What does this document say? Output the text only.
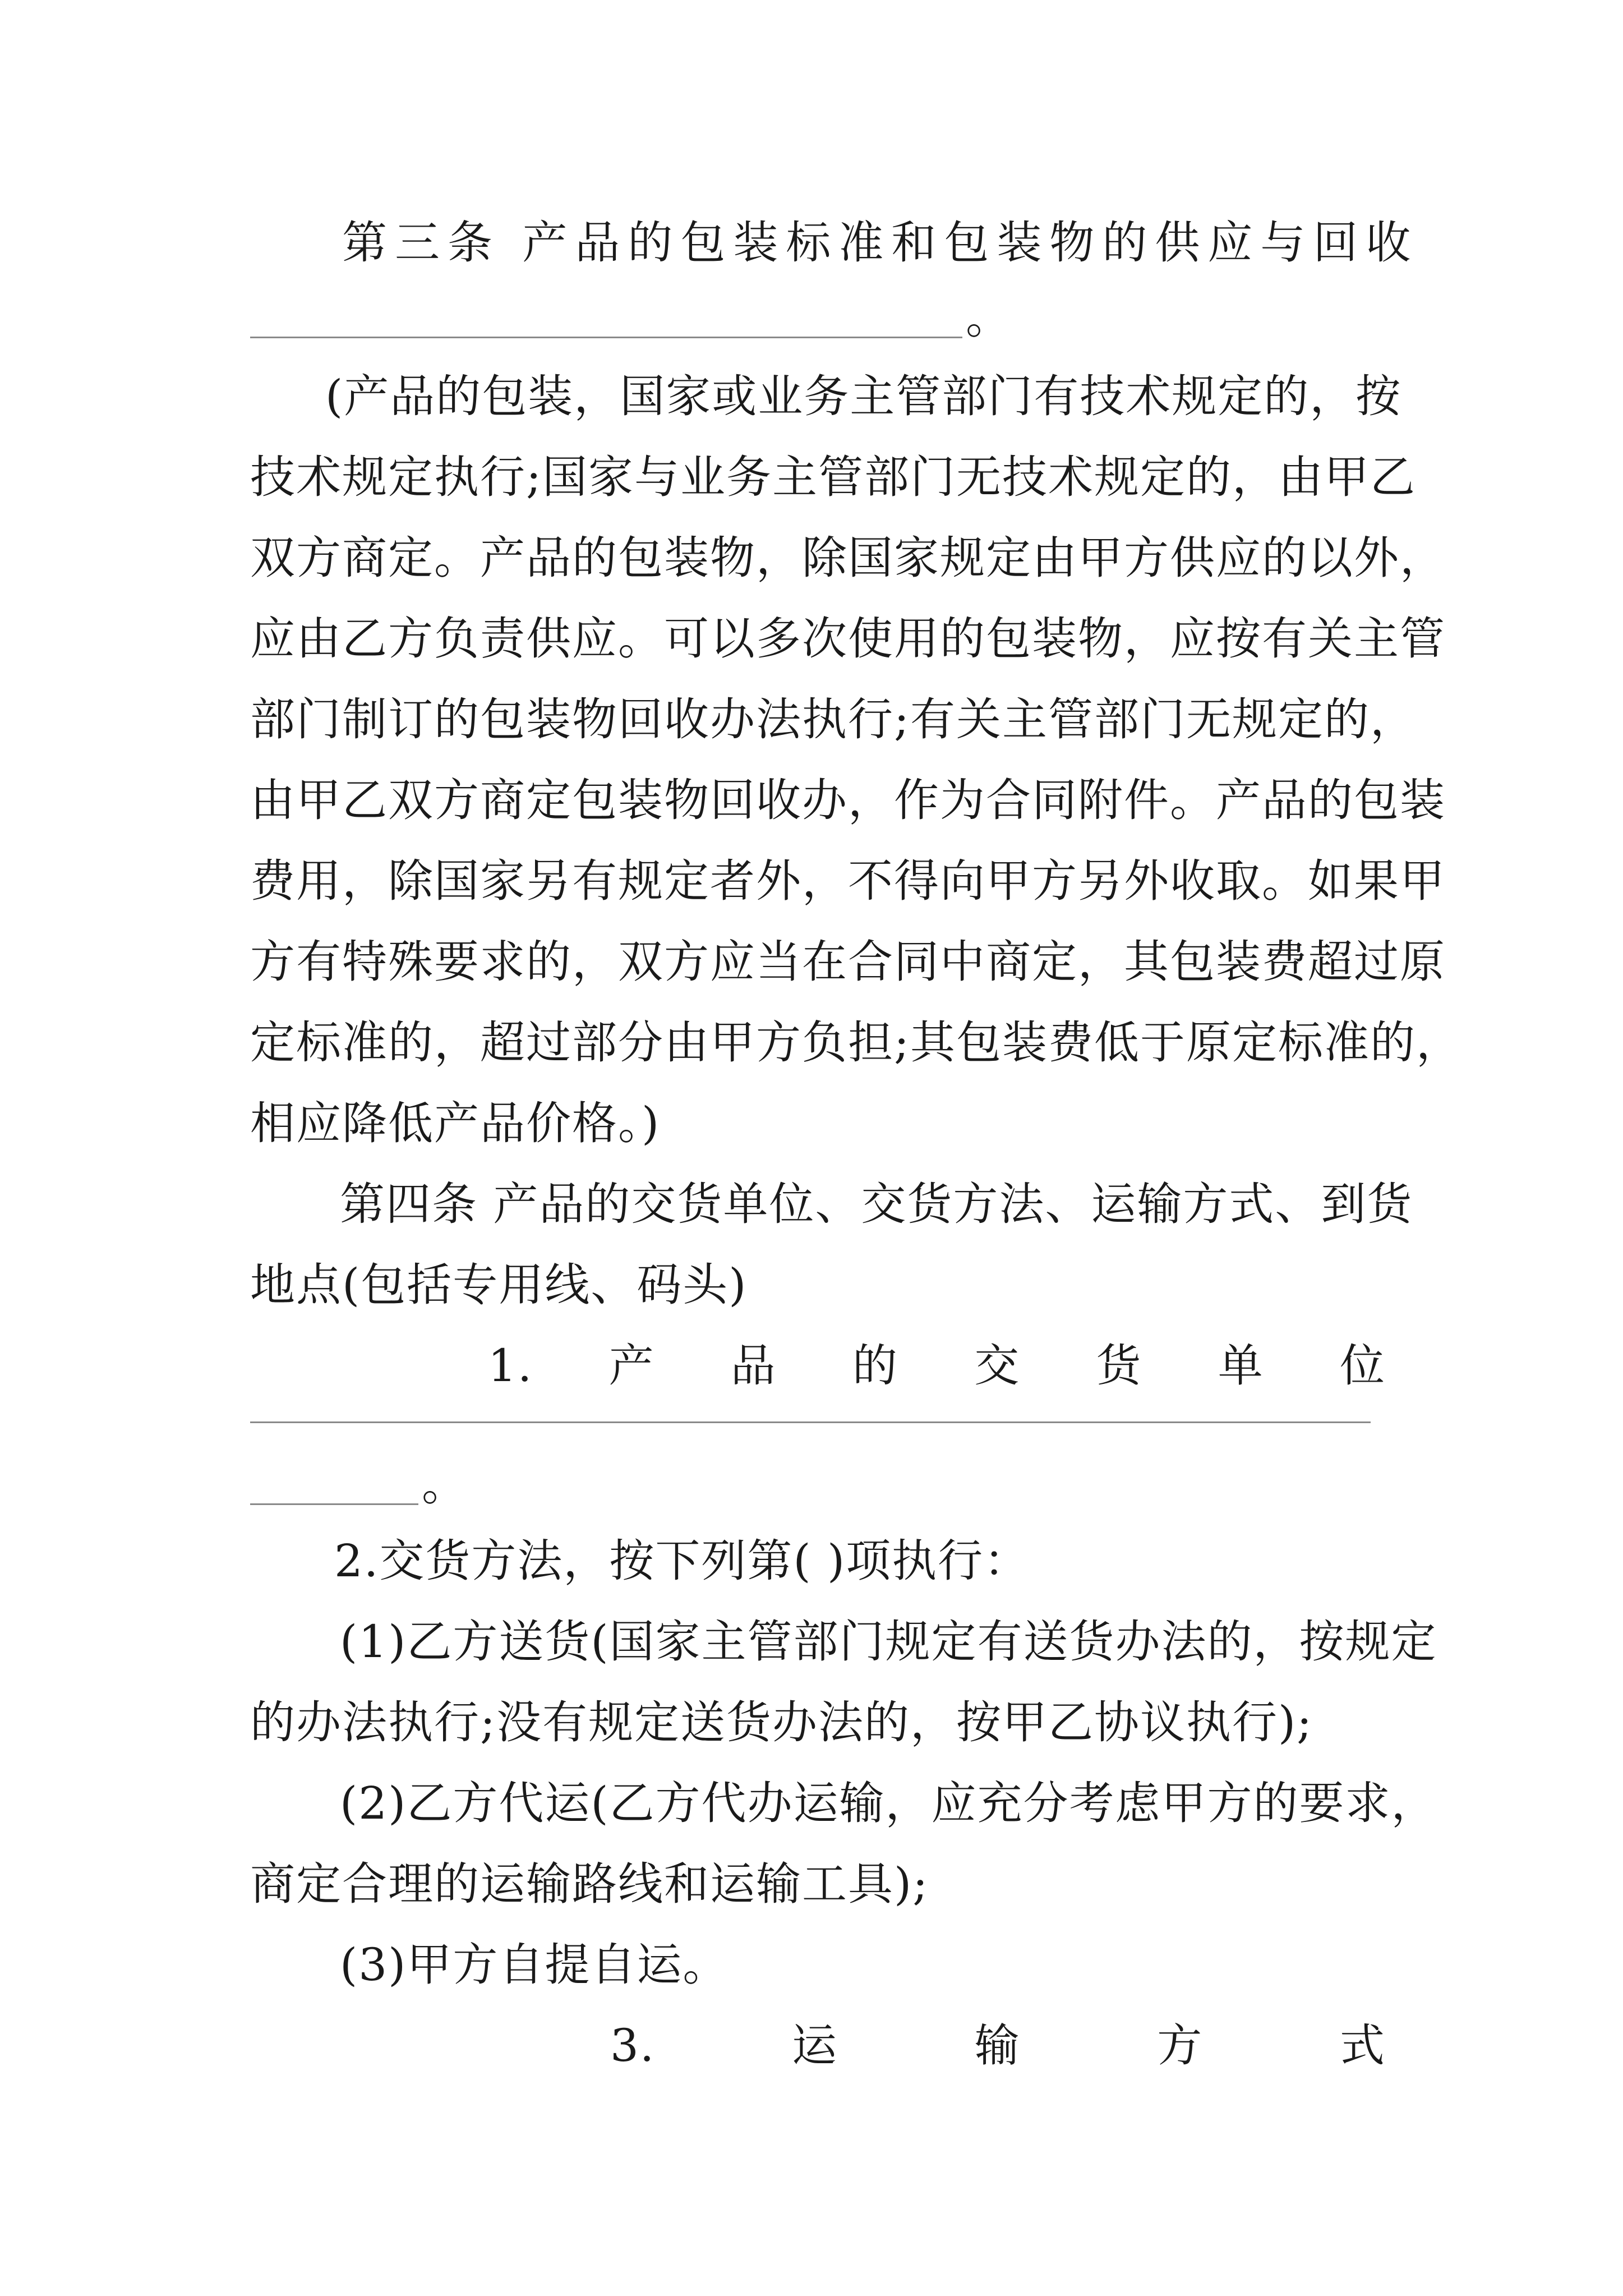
第三条 产品的包装标准和包装物的供应与回收
。
(产品的包装，国家或业务主管部门有技术规定的，按
技术规定执行;国家与业务主管部门无技术规定的，由甲乙
双方商定。产品的包装物，除国家规定由甲方供应的以外，
应由乙方负责供应。可以多次使用的包装物，应按有关主管
部门制订的包装物回收办法执行;有关主管部门无规定的，
由甲乙双方商定包装物回收办，作为合同附件。产品的包装
费用，除国家另有规定者外，不得向甲方另外收取。如果甲
方有特殊要求的，双方应当在合同中商定，其包装费超过原
定标准的，超过部分由甲方负担;其包装费低于原定标准的，
相应降低产品价格。)
第四条 产品的交货单位、交货方法、运输方式、到货
地点(包括专用线、码头)
1. 产 品 的 交 货 单 位
。
2.交货方法，按下列第( )项执行：
(1)乙方送货(国家主管部门规定有送货办法的，按规定
的办法执行;没有规定送货办法的，按甲乙协议执行);
(2)乙方代运(乙方代办运输，应充分考虑甲方的要求，
商定合理的运输路线和运输工具);
(3)甲方自提自运。
3.	运	输	方	式
